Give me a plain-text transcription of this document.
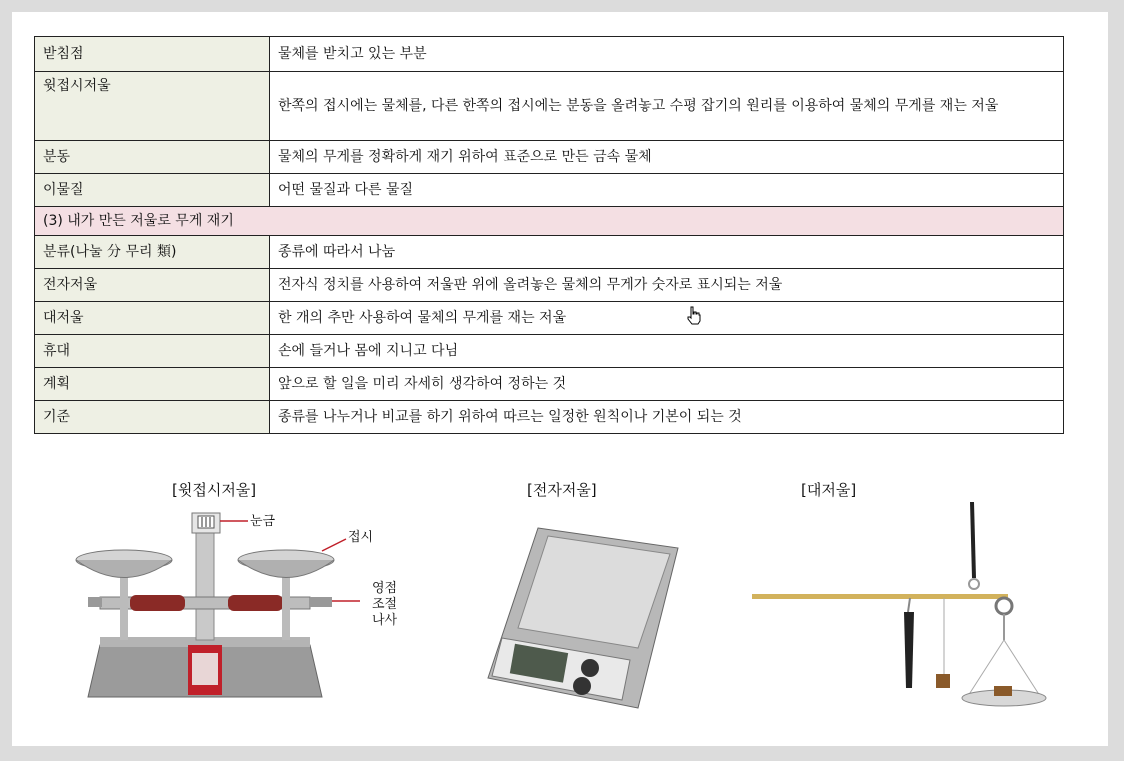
받침점	물체를 받치고 있는 부분
윗접시저울	한쪽의 접시에는 물체를, 다른 한쪽의 접시에는 분동을 올려놓고 수평 잡기의 원리를 이용하여 물체의 무게를 재는 저울
분동	물체의 무게를 정확하게 재기 위하여 표준으로 만든 금속 물체
이물질	어떤 물질과 다른 물질
(3) 내가 만든 저울로 무게 재기	
분류(나눌 分 무리 類)	종류에 따라서 나눔
전자저울	전자식 정치를 사용하여 저울판 위에 올려놓은 물체의 무게가 숫자로 표시되는 저울
대저울	한 개의 추만 사용하여 물체의 무게를 재는 저울
휴대	손에 들거나 몸에 지니고 다님
계획	앞으로 할 일을 미리 자세히 생각하여 정하는 것
기준	종류를 나누거나 비교를 하기 위하여 따르는 일정한 원칙이나 기본이 되는 것
[윗접시저울]	[전자저울]	[대저울]
눈금
접시
영점
조절
나사
